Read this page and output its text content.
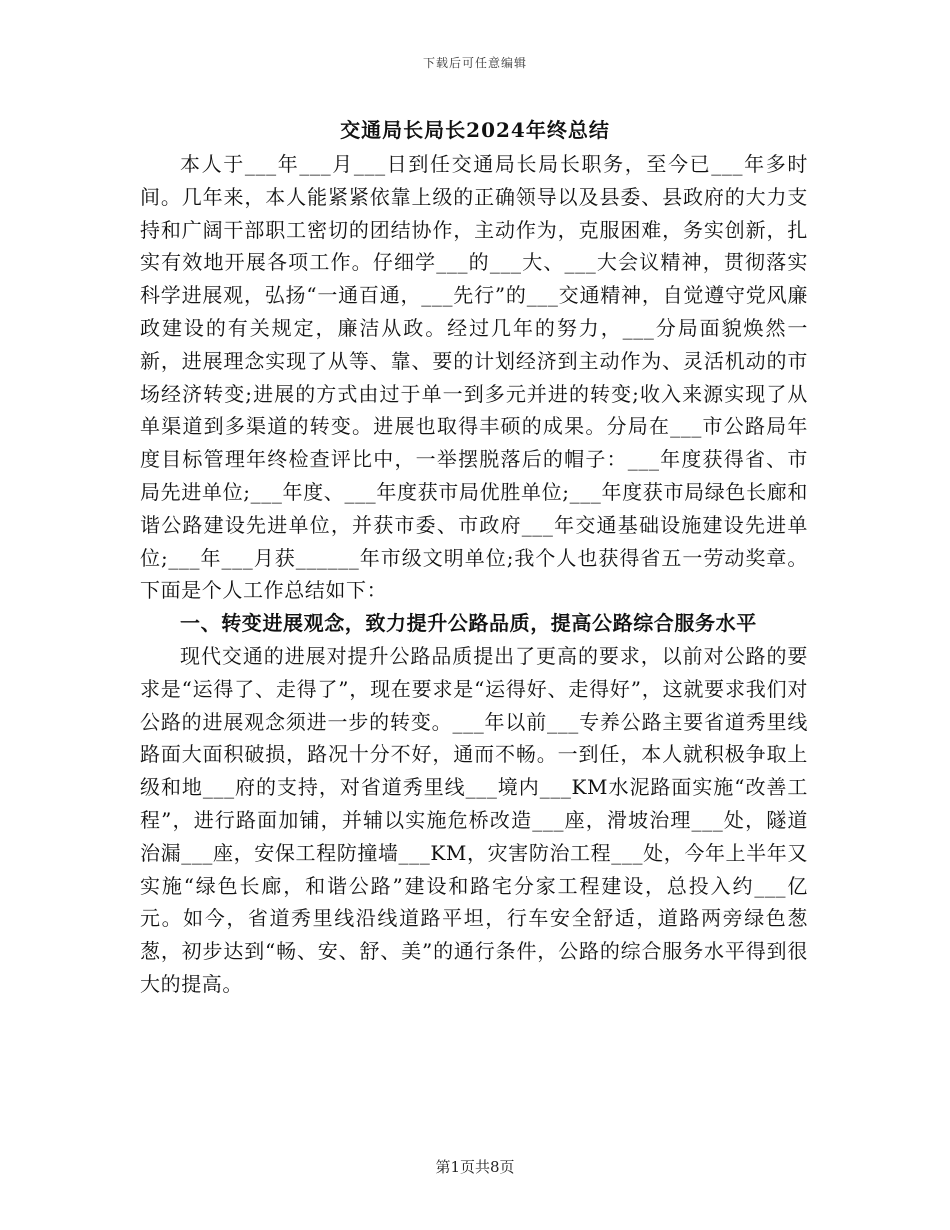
下载后可任意编辑
交通局长局长2024年终总结

本人于___年___月___日到任交通局长局长职务，至今已___年多时间。几年来，本人能紧紧依靠上级的正确领导以及县委、县政府的大力支持和广阔干部职工密切的团结协作，主动作为，克服困难，务实创新，扎实有效地开展各项工作。仔细学___的___大、___大会议精神，贯彻落实科学进展观，弘扬“一通百通，___先行”的___交通精神，自觉遵守党风廉政建设的有关规定，廉洁从政。经过几年的努力，___分局面貌焕然一新，进展理念实现了从等、靠、要的计划经济到主动作为、灵活机动的市场经济转变;进展的方式由过于单一到多元并进的转变;收入来源实现了从单渠道到多渠道的转变。进展也取得丰硕的成果。分局在___市公路局年度目标管理年终检查评比中，一举摆脱落后的帽子：___年度获得省、市局先进单位;___年度、___年度获市局优胜单位;___年度获市局绿色长廊和谐公路建设先进单位，并获市委、市政府___年交通基础设施建设先进单位;___年___月获______年市级文明单位;我个人也获得省五一劳动奖章。下面是个人工作总结如下：

一、转变进展观念，致力提升公路品质，提高公路综合服务水平

现代交通的进展对提升公路品质提出了更高的要求，以前对公路的要求是“运得了、走得了”，现在要求是“运得好、走得好”，这就要求我们对公路的进展观念须进一步的转变。___年以前___专养公路主要省道秀里线路面大面积破损，路况十分不好，通而不畅。一到任，本人就积极争取上级和地___府的支持，对省道秀里线___境内___KM水泥路面实施“改善工程”，进行路面加铺，并辅以实施危桥改造___座，滑坡治理___处，隧道治漏___座，安保工程防撞墙___KM，灾害防治工程___处，今年上半年又实施“绿色长廊，和谐公路”建设和路宅分家工程建设，总投入约___亿元。如今，省道秀里线沿线道路平坦，行车安全舒适，道路两旁绿色葱葱，初步达到“畅、安、舒、美”的通行条件，公路的综合服务水平得到很大的提高。

第1页共8页
